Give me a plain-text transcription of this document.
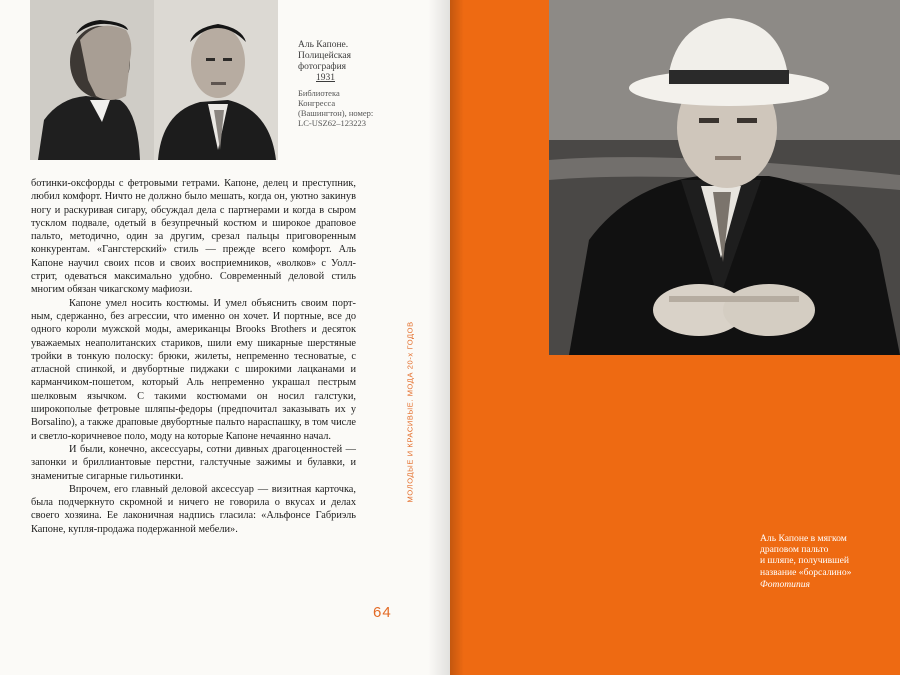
Аль Капоне.
Полицейская
фотография
1931
Библиотека
Конгресса
(Вашингтон), номер:
LC-USZ62–123223

ботинки-оксфорды с фетровыми гетрами. Капоне, делец и преступник, любил комфорт. Ничто не должно было мешать, когда он, уютно закинув ногу и раскуривая сигару, обсуждал дела с партнерами и когда в сыром тусклом подвале, одетый в безупречный костюм и широкое драповое пальто, методично, один за другим, срезал пальцы приговоренным конкурентам. «Гангстерский» стиль — прежде всего комфорт. Аль Капоне научил своих псов и своих восприемников, «волков» с Уолл-стрит, одеваться максимально удобно. Современный деловой стиль многим обязан чикагскому мафиози.

Капоне умел носить костюмы. И умел объяснить своим портным, сдержанно, без агрессии, что именно он хочет. И портные, все до одного короли мужской моды, американцы Brooks Brothers и десяток уважаемых неаполитанских стариков, шили ему шикарные шерстяные тройки в тонкую полоску: брюки, жилеты, непременно тесноватые, с атласной спинкой, и двубортные пиджаки с широкими лацканами и карманчиком-пошетом, который Аль непременно украшал пестрым шелковым язычком. С такими костюмами он носил галстуки, широкополые фетровые шляпы-федоры (предпочитал заказывать их у Borsalino), а также драповые двубортные пальто нараспашку, в том числе и светло-коричневое поло, моду на которые Капоне нечаянно начал.

И были, конечно, аксессуары, сотни дивных драгоценностей — запонки и бриллиантовые перстни, галстучные зажимы и булавки, и знаменитые сигарные гильотинки.

Впрочем, его главный деловой аксессуар — визитная карточка, была подчеркнуто скромной и ничего не говорила о вкусах и делах своего хозяина. Ее лаконичная надпись гласила: «Альфонсе Габриэль Капоне, купля-продажа подержанной мебели».

МОЛОДЫЕ И КРАСИВЫЕ. МОДА 20-х ГОДОВ
64
Аль Капоне в мягком
драповом пальто
и шляпе, получившей
название «борсалино»
Фототипия
